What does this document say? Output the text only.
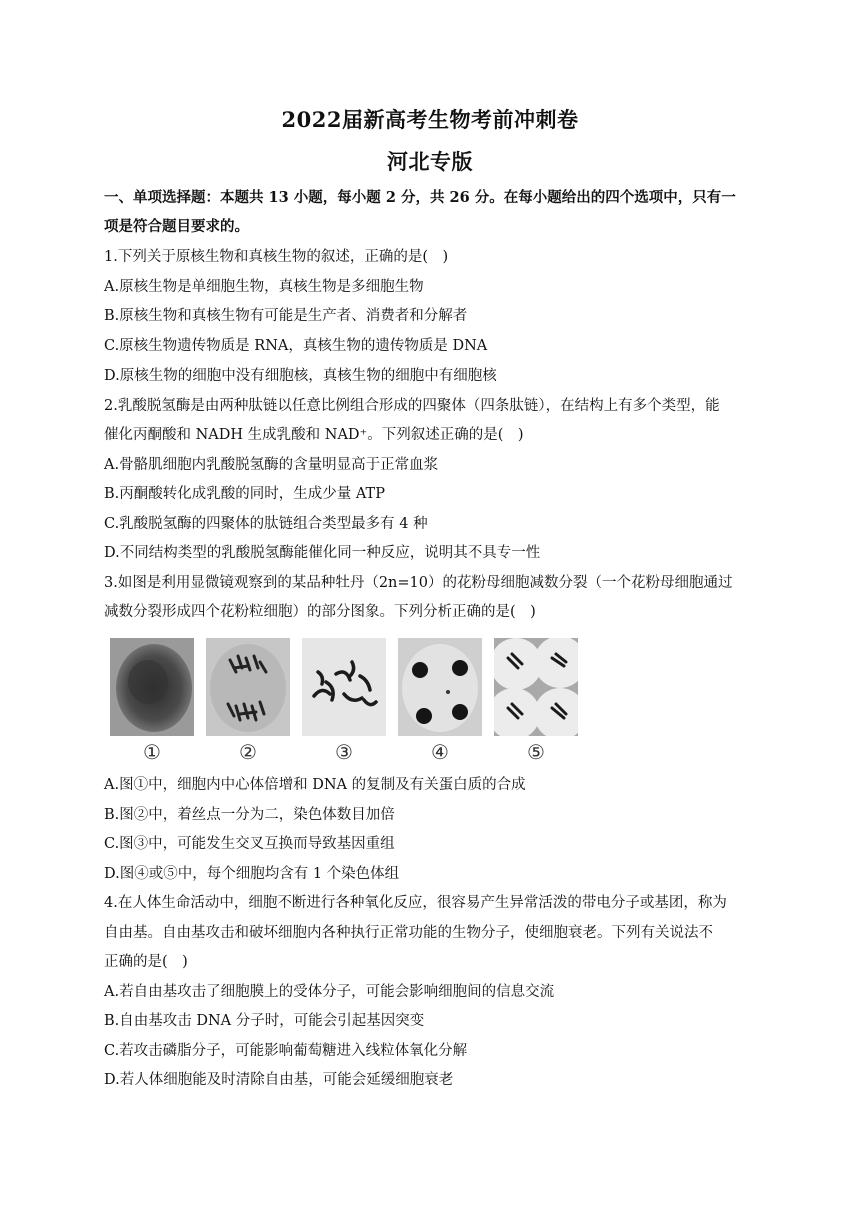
2022届新高考生物考前冲刺卷
河北专版
一、单项选择题：本题共 13 小题，每小题 2 分，共 26 分。在每小题给出的四个选项中，只有一
项是符合题目要求的。
1.下列关于原核生物和真核生物的叙述，正确的是(　)
A.原核生物是单细胞生物，真核生物是多细胞生物
B.原核生物和真核生物有可能是生产者、消费者和分解者
C.原核生物遗传物质是 RNA，真核生物的遗传物质是 DNA
D.原核生物的细胞中没有细胞核，真核生物的细胞中有细胞核
2.乳酸脱氢酶是由两种肽链以任意比例组合形成的四聚体（四条肽链），在结构上有多个类型，能
催化丙酮酸和 NADH 生成乳酸和 NAD⁺。下列叙述正确的是(　)
A.骨骼肌细胞内乳酸脱氢酶的含量明显高于正常血浆
B.丙酮酸转化成乳酸的同时，生成少量 ATP
C.乳酸脱氢酶的四聚体的肽链组合类型最多有 4 种
D.不同结构类型的乳酸脱氢酶能催化同一种反应，说明其不具专一性
3.如图是利用显微镜观察到的某品种牡丹（2n=10）的花粉母细胞减数分裂（一个花粉母细胞通过
减数分裂形成四个花粉粒细胞）的部分图象。下列分析正确的是(　)
①	②	③	④	⑤
A.图①中，细胞内中心体倍增和 DNA 的复制及有关蛋白质的合成
B.图②中，着丝点一分为二，染色体数目加倍
C.图③中，可能发生交叉互换而导致基因重组
D.图④或⑤中，每个细胞均含有 1 个染色体组
4.在人体生命活动中，细胞不断进行各种氧化反应，很容易产生异常活泼的带电分子或基团，称为
自由基。自由基攻击和破坏细胞内各种执行正常功能的生物分子，使细胞衰老。下列有关说法不
正确的是(　)
A.若自由基攻击了细胞膜上的受体分子，可能会影响细胞间的信息交流
B.自由基攻击 DNA 分子时，可能会引起基因突变
C.若攻击磷脂分子，可能影响葡萄糖进入线粒体氧化分解
D.若人体细胞能及时清除自由基，可能会延缓细胞衰老
